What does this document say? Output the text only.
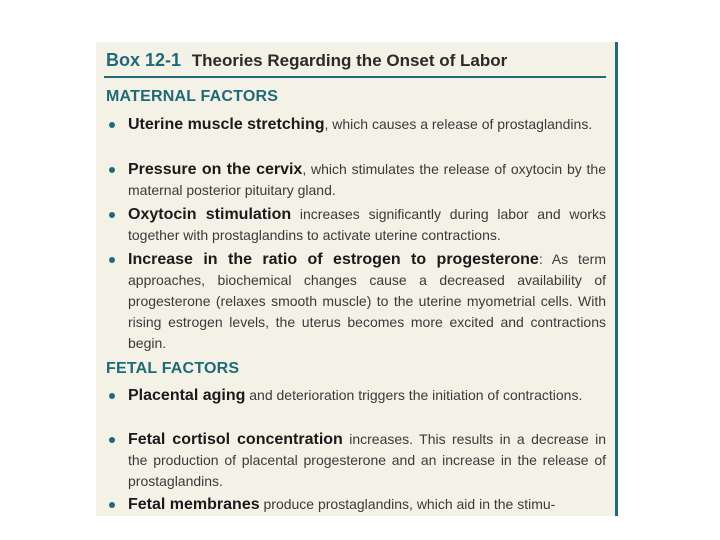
Box 12-1 Theories Regarding the Onset of Labor
MATERNAL FACTORS
Uterine muscle stretching, which causes a release of prostaglandins.
Pressure on the cervix, which stimulates the release of oxytocin by the maternal posterior pituitary gland.
Oxytocin stimulation increases significantly during labor and works together with prostaglandins to activate uterine contractions.
Increase in the ratio of estrogen to progesterone: As term approaches, biochemical changes cause a decreased availability of progesterone (relaxes smooth muscle) to the uterine myometrial cells. With rising estrogen levels, the uterus becomes more excited and contractions begin.
FETAL FACTORS
Placental aging and deterioration triggers the initiation of contractions.
Fetal cortisol concentration increases. This results in a decrease in the production of placental progesterone and an increase in the release of prostaglandins.
Fetal membranes produce prostaglandins, which aid in the stimu-
